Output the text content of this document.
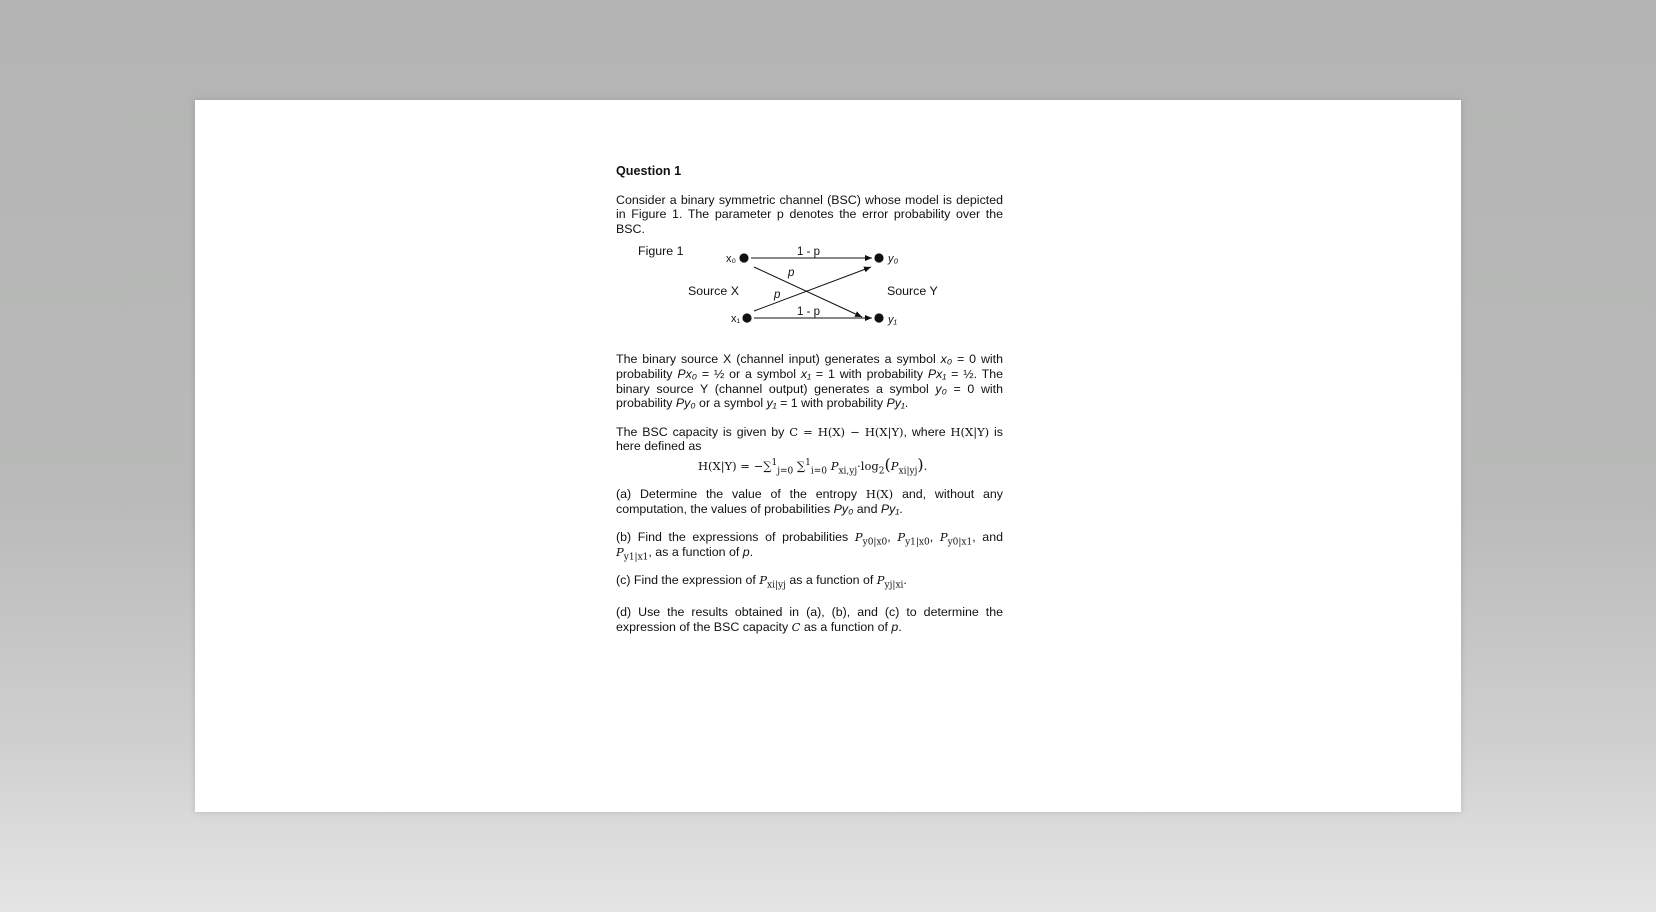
Question 1

Consider a binary symmetric channel (BSC) whose model is depicted in Figure 1. The parameter p denotes the error probability over the BSC.

Figure 1
Source X	Source Y
x₀
x₁
y₀
y₁
1 - p
1 - p
p
p

The binary source X (channel input) generates a symbol x₀ = 0 with probability Px₀ = ½ or a symbol x₁ = 1 with probability Px₁ = ½. The binary source Y (channel output) generates a symbol y₀ = 0 with probability Py₀ or a symbol y₁ = 1 with probability Py₁.

The BSC capacity is given by C = H(X) − H(X|Y), where H(X|Y) is here defined as

H(X|Y) = −∑$^1_{j=0}$ ∑$^1_{i=0}$ $P_{xi,yj}\cdot\log_2(P_{xi|yj})$.

(a) Determine the value of the entropy H(X) and, without any computation, the values of probabilities Py₀ and Py₁.

(b) Find the expressions of probabilities $P_{y0|x0}$, $P_{y1|x0}$, $P_{y0|x1}$, and $P_{y1|x1}$, as a function of p.

(c) Find the expression of $P_{xi|yj}$ as a function of $P_{yj|xi}$.

(d) Use the results obtained in (a), (b), and (c) to determine the expression of the BSC capacity C as a function of p.
